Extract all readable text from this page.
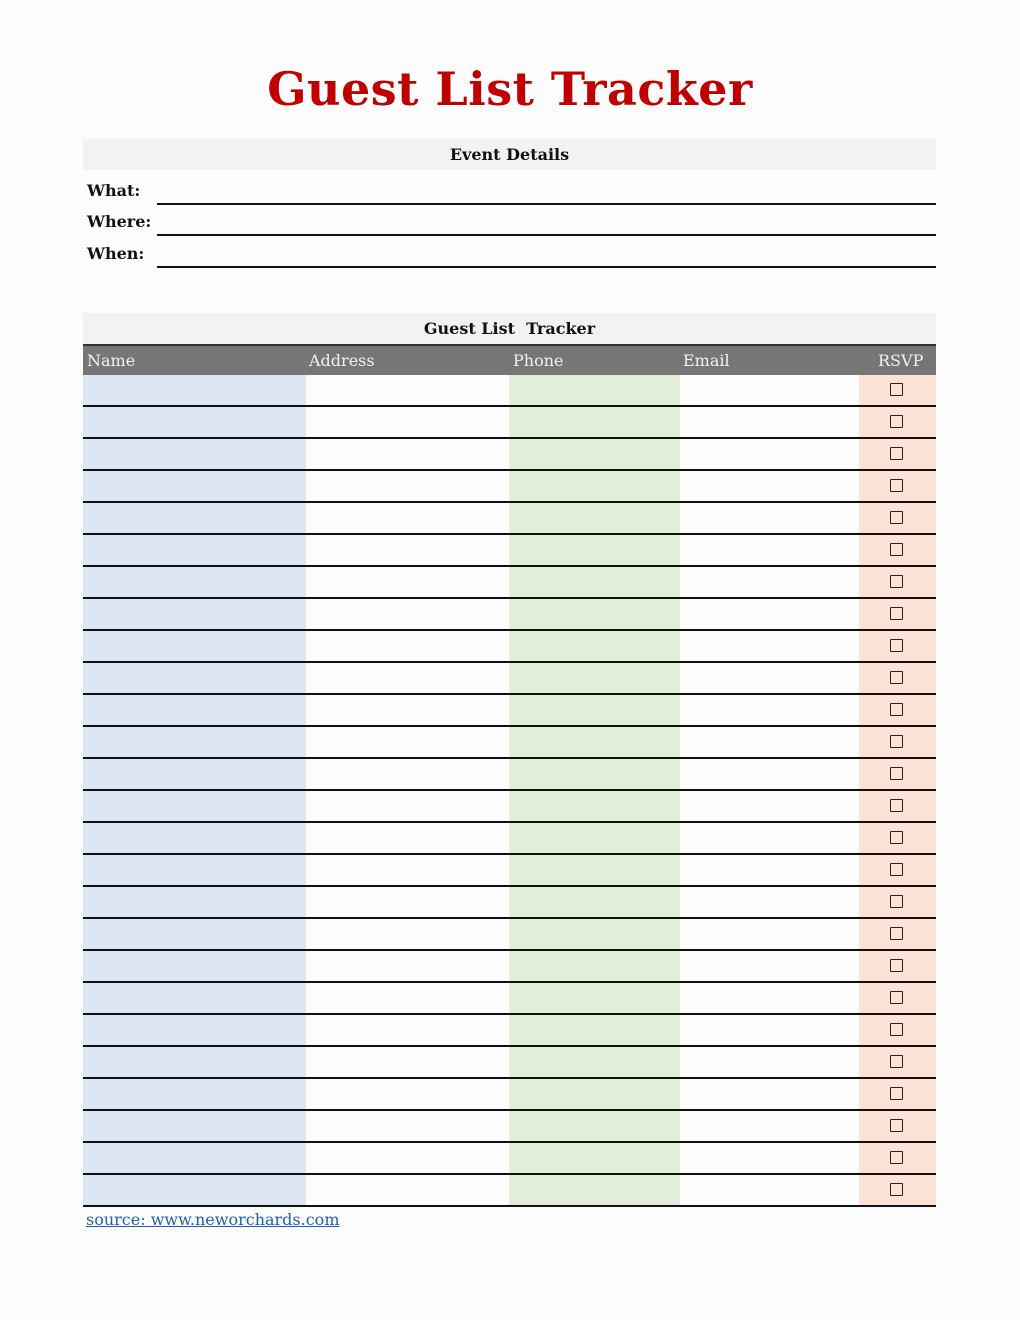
Guest List Tracker
Event Details
What:
Where:
When:
Guest List  Tracker
Name	Address	Phone	Email	RSVP
source: www.neworchards.com
